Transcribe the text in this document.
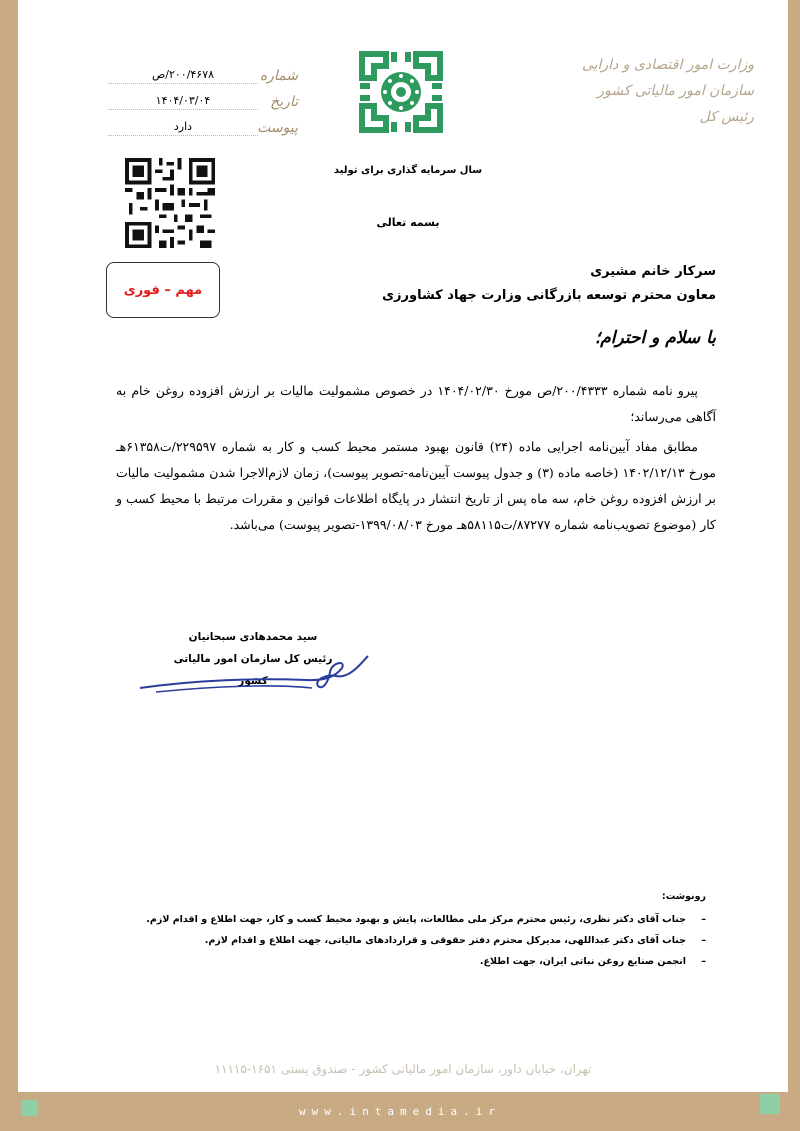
وزارت امور اقتصادی و دارایی
سازمان امور مالیاتی کشور
رئیس کل
سال سرمایه گذاری برای تولید
بسمه تعالی
شماره
۲۰۰/۴۶۷۸/ص
تاریخ
۱۴۰۴/۰۳/۰۴
پیوست
دارد
مهم – فوری
سرکار خانم مشیری
معاون محترم توسعه بازرگانی وزارت جهاد کشاورزی
با سلام و احترام؛

پیرو نامه شماره ۲۰۰/۴۳۳۳/ص مورخ ۱۴۰۴/۰۲/۳۰ در خصوص مشمولیت مالیات بر ارزش افزوده روغن خام به آگاهی می‌رساند؛

مطابق مفاد آیین‌نامه اجرایی ماده (۲۴) قانون بهبود مستمر محیط کسب و کار به شماره ۲۲۹۵۹۷/ت۶۱۳۵۸هـ مورخ ۱۴۰۲/۱۲/۱۳ (خاصه ماده (۳) و جدول پیوست آیین‌نامه-تصویر پیوست)، زمان لازم‌الاجرا شدن مشمولیت مالیات بر ارزش افزوده روغن خام، سه ماه پس از تاریخ انتشار در پایگاه اطلاعات قوانین و مقررات مرتبط با محیط کسب و کار (موضوع تصویب‌نامه شماره ۸۷۲۷۷/ت۵۸۱۱۵هـ مورخ ۱۳۹۹/۰۸/۰۳-تصویر پیوست) می‌باشد.

سید محمدهادی سبحانیان
رئیس کل سازمان امور مالیاتی کشور
رونوشت:
– جناب آقای دکتر نظری، رئیس محترم مرکز ملی مطالعات، پایش و بهبود محیط کسب و کار، جهت اطلاع و اقدام لازم.
– جناب آقای دکتر عبداللهی، مدیرکل محترم دفتر حقوقی و قراردادهای مالیاتی، جهت اطلاع و اقدام لازم.
– انجمن صنایع روغن نباتی ایران، جهت اطلاع.
تهران، خیابان داور، سازمان امور مالیاتی کشور - صندوق پستی ۱۶۵۱-۱۱۱۱۵
www.intamedia.ir
